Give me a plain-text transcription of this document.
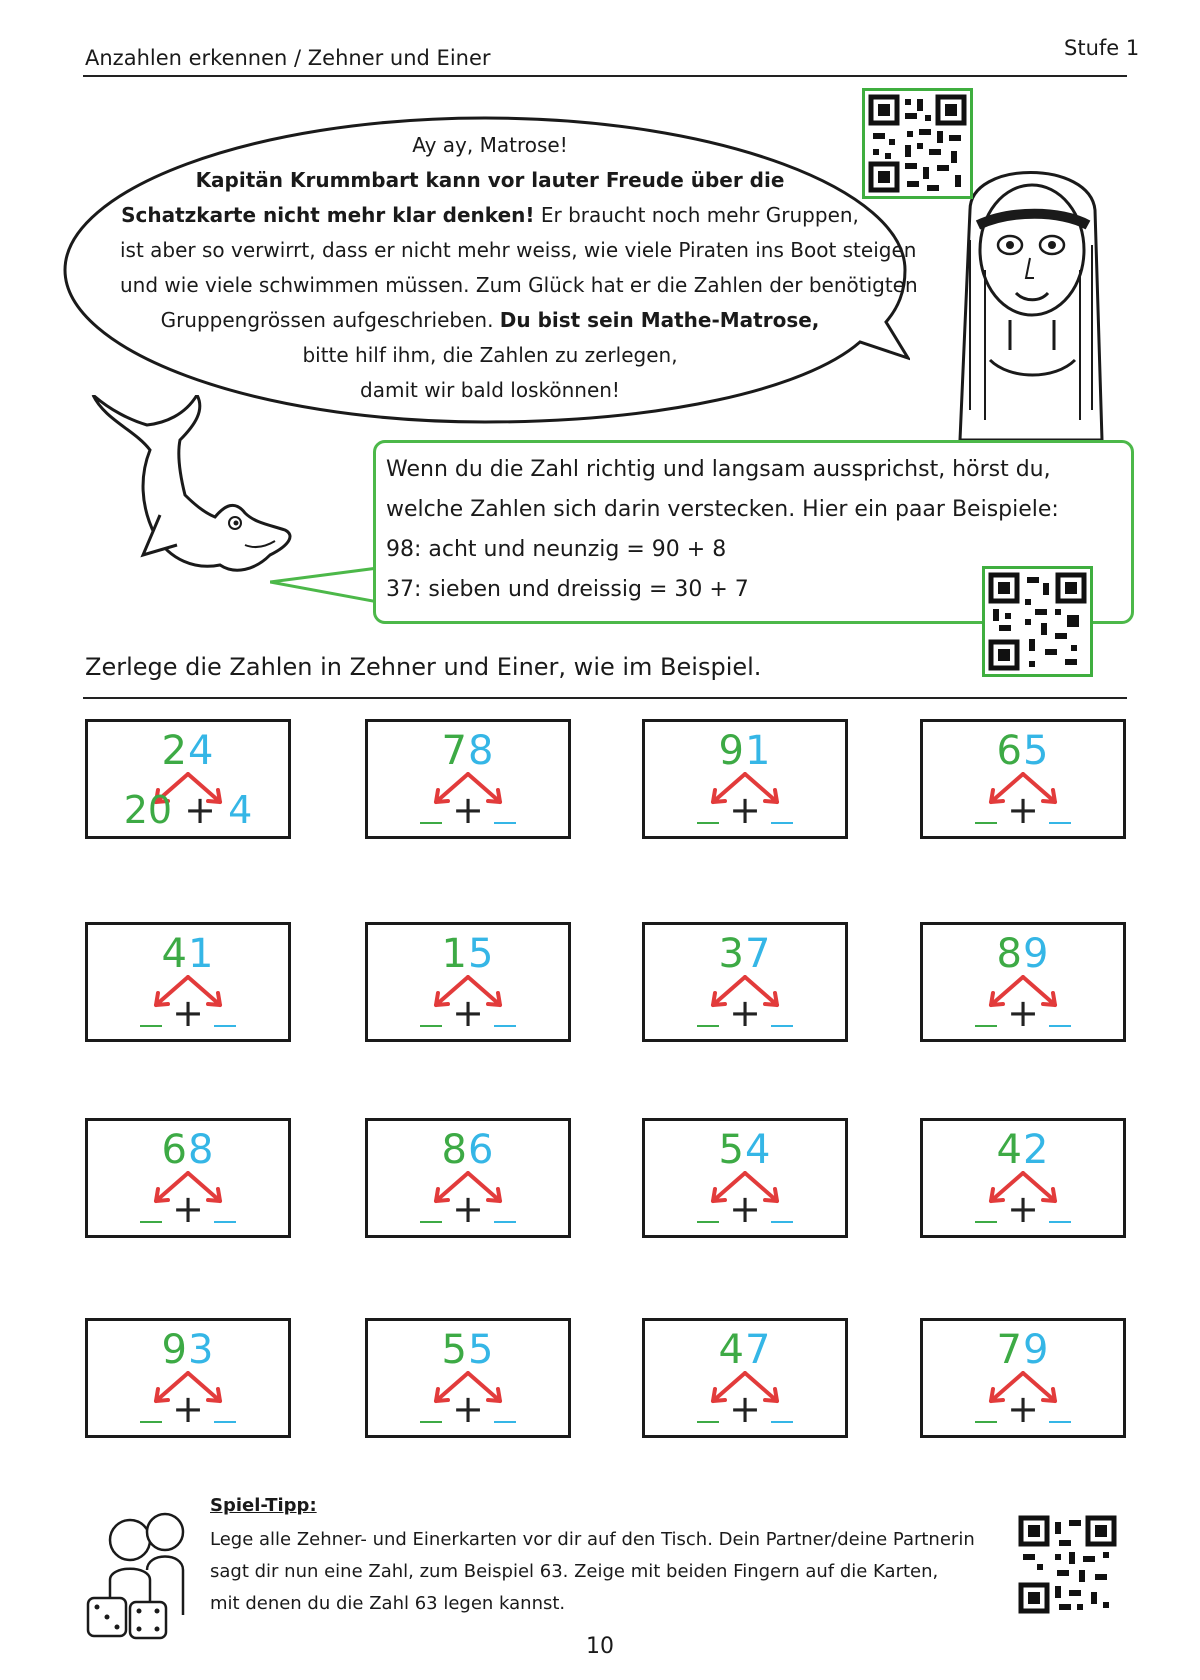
Anzahlen erkennen / Zehner und Einer	Stufe 1
Ay ay, Matrose!
Kapitän Krummbart kann vor lauter Freude über die
Schatzkarte nicht mehr klar denken! Er braucht noch mehr Gruppen,
ist aber so verwirrt, dass er nicht mehr weiss, wie viele Piraten ins Boot steigen
und wie viele schwimmen müssen. Zum Glück hat er die Zahlen der benötigten
Gruppengrössen aufgeschrieben. Du bist sein Mathe-Matrose,
bitte hilf ihm, die Zahlen zu zerlegen,
damit wir bald loskönnen!
Wenn du die Zahl richtig und langsam aussprichst, hörst du,
welche Zahlen sich darin verstecken. Hier ein paar Beispiele:
98: acht und neunzig = 90 + 8
37: sieben und dreissig = 30 + 7
Zerlege die Zahlen in Zehner und Einer, wie im Beispiel.
24
20 + 4
78
+
91
+
65
+
41
+
15
+
37
+
89
+
68
+
86
+
54
+
42
+
93
+
55
+
47
+
79
+
Spiel-Tipp:
Lege alle Zehner- und Einerkarten vor dir auf den Tisch. Dein Partner/deine Partnerin
sagt dir nun eine Zahl, zum Beispiel 63. Zeige mit beiden Fingern auf die Karten,
mit denen du die Zahl 63 legen kannst.
10
